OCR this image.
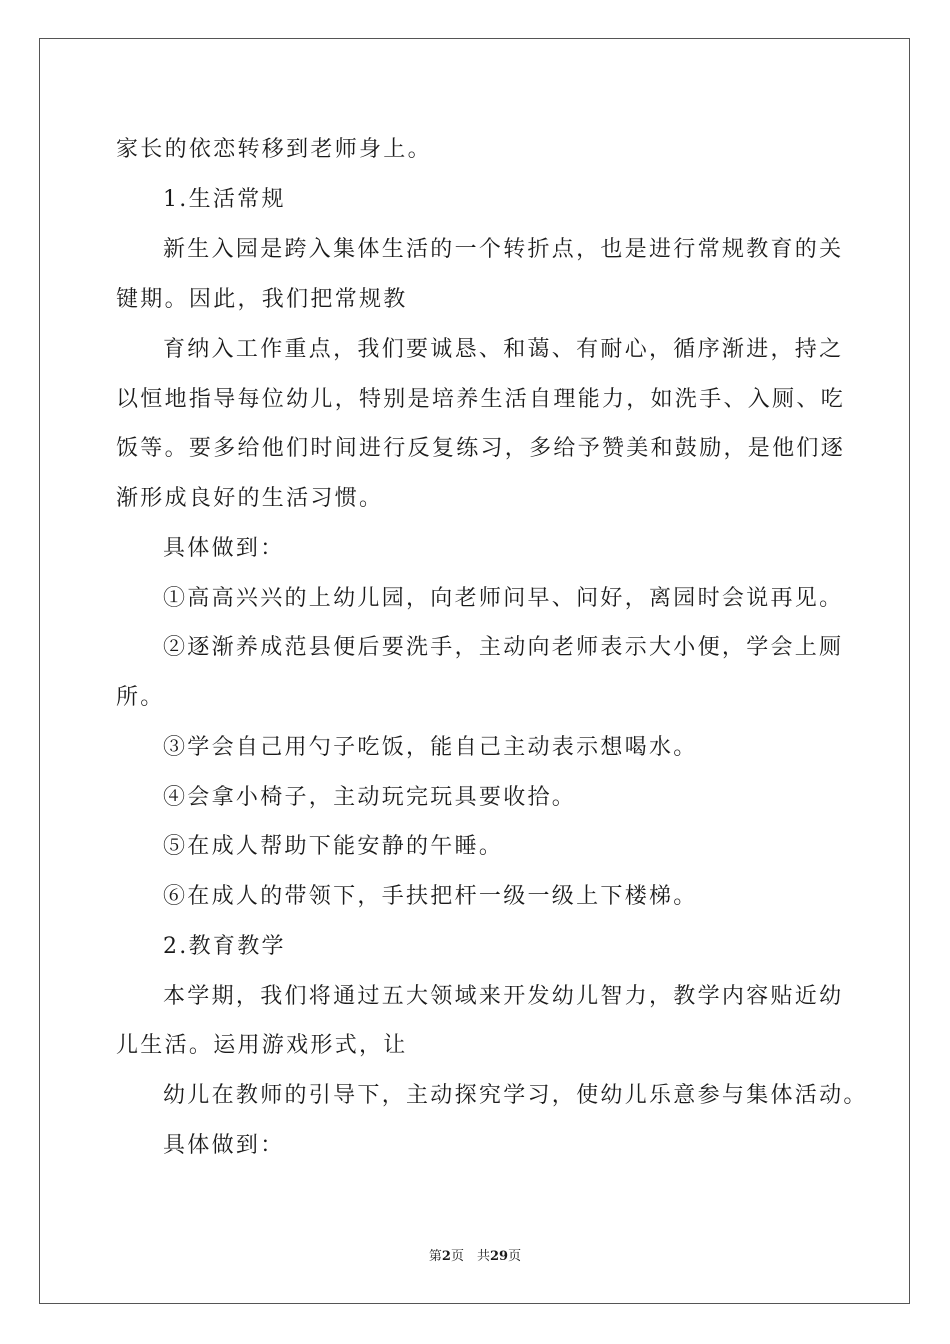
家长的依恋转移到老师身上。
1.生活常规
新生入园是跨入集体生活的一个转折点，也是进行常规教育的关
键期。因此，我们把常规教
育纳入工作重点，我们要诚恳、和蔼、有耐心，循序渐进，持之
以恒地指导每位幼儿，特别是培养生活自理能力，如洗手、入厕、吃
饭等。要多给他们时间进行反复练习，多给予赞美和鼓励，是他们逐
渐形成良好的生活习惯。
具体做到：
①高高兴兴的上幼儿园，向老师问早、问好，离园时会说再见。
②逐渐养成范县便后要洗手，主动向老师表示大小便，学会上厕
所。
③学会自己用勺子吃饭，能自己主动表示想喝水。
④会拿小椅子，主动玩完玩具要收拾。
⑤在成人帮助下能安静的午睡。
⑥在成人的带领下，手扶把杆一级一级上下楼梯。
2.教育教学
本学期，我们将通过五大领域来开发幼儿智力，教学内容贴近幼
儿生活。运用游戏形式，让
幼儿在教师的引导下，主动探究学习，使幼儿乐意参与集体活动。
具体做到：
第2页　共29页
